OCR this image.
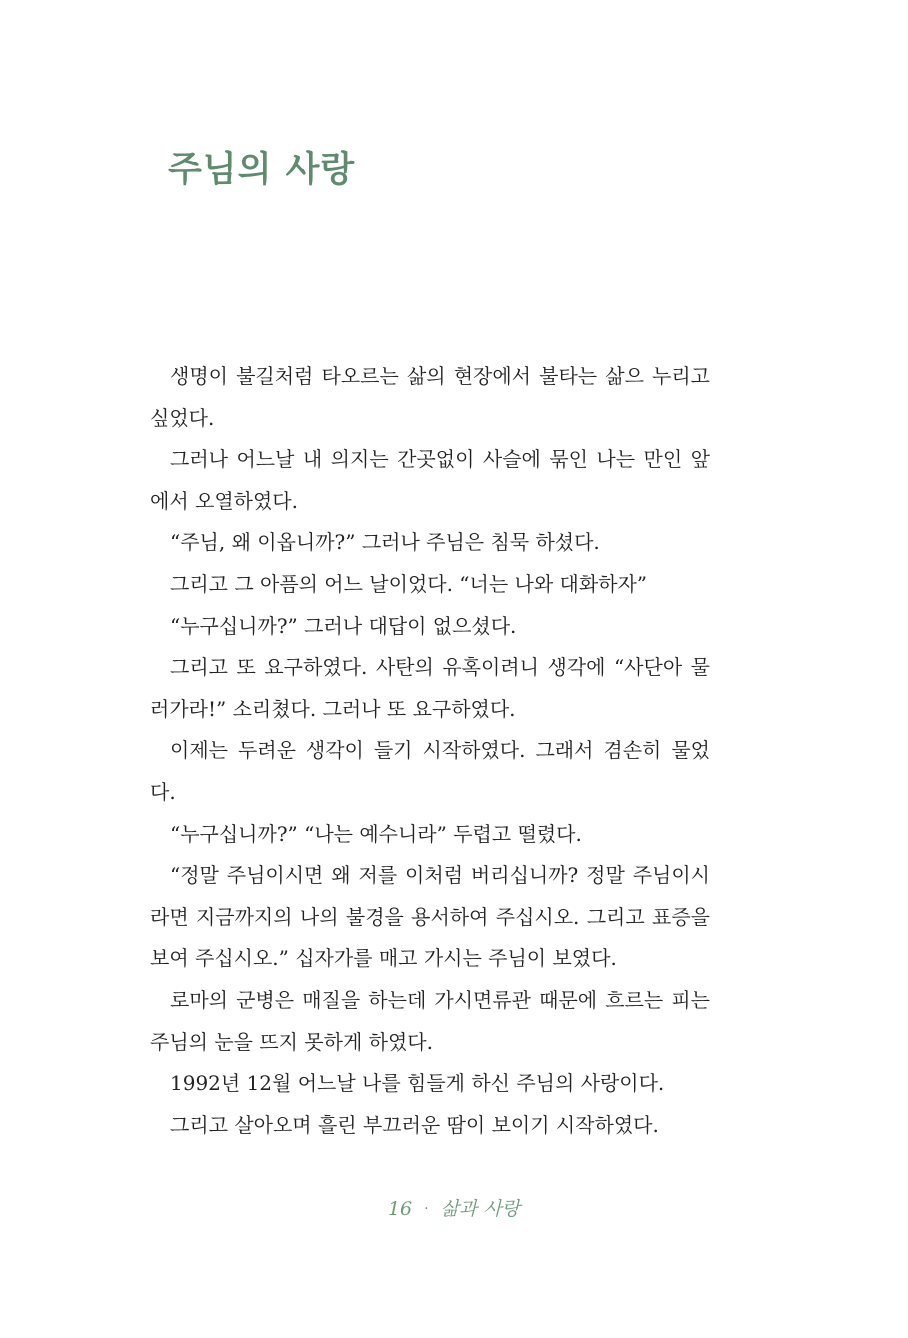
주님의 사랑

생명이 불길처럼 타오르는 삶의 현장에서 불타는 삶으 누리고 싶었다.

그러나 어느날 내 의지는 간곳없이 사슬에 묶인 나는 만인 앞에서 오열하였다.

“주님, 왜 이옵니까?” 그러나 주님은 침묵 하셨다.

그리고 그 아픔의 어느 날이었다. “너는 나와 대화하자”

“누구십니까?” 그러나 대답이 없으셨다.

그리고 또 요구하였다. 사탄의 유혹이려니 생각에 “사단아 물러가라!” 소리쳤다. 그러나 또 요구하였다.

이제는 두려운 생각이 들기 시작하였다. 그래서 겸손히 물었다.

“누구십니까?” “나는 예수니라” 두렵고 떨렸다.

“정말 주님이시면 왜 저를 이처럼 버리십니까? 정말 주님이시라면 지금까지의 나의 불경을 용서하여 주십시오. 그리고 표증을 보여 주십시오.” 십자가를 매고 가시는 주님이 보였다.

로마의 군병은 매질을 하는데 가시면류관 때문에 흐르는 피는 주님의 눈을 뜨지 못하게 하였다.

1992년 12월 어느날 나를 힘들게 하신 주님의 사랑이다.

그리고 살아오며 흘린 부끄러운 땀이 보이기 시작하였다.

16 · 삶과 사랑
